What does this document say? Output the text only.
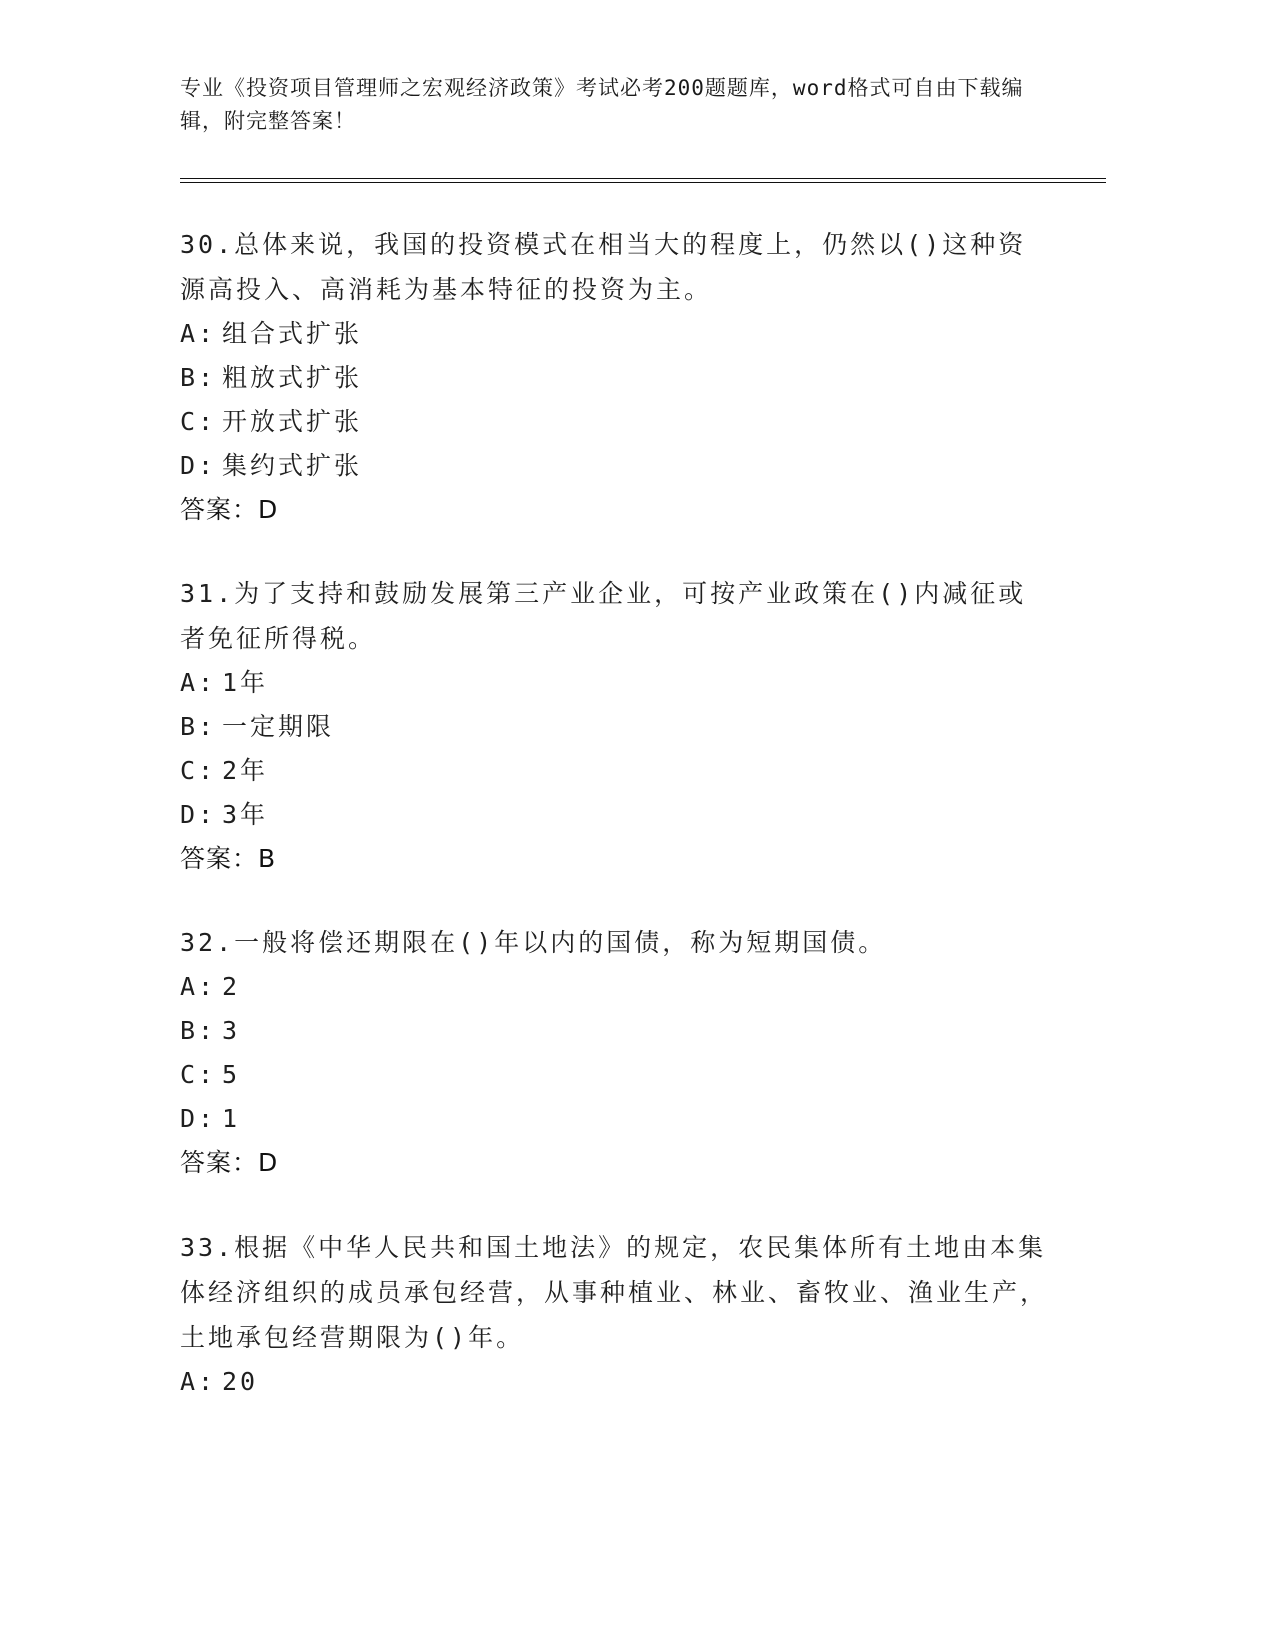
专业《投资项目管理师之宏观经济政策》考试必考200题题库，word格式可自由下载编辑，附完整答案！

30.总体来说，我国的投资模式在相当大的程度上，仍然以()这种资源高投入、高消耗为基本特征的投资为主。

A: 组合式扩张
B: 粗放式扩张
C: 开放式扩张
D: 集约式扩张

答案：D

31.为了支持和鼓励发展第三产业企业，可按产业政策在()内减征或者免征所得税。

A: 1年
B: 一定期限
C: 2年
D: 3年

答案：B

32.一般将偿还期限在()年以内的国债，称为短期国债。

A: 2
B: 3
C: 5
D: 1

答案：D

33.根据《中华人民共和国土地法》的规定，农民集体所有土地由本集体经济组织的成员承包经营，从事种植业、林业、畜牧业、渔业生产，土地承包经营期限为()年。

A: 20
